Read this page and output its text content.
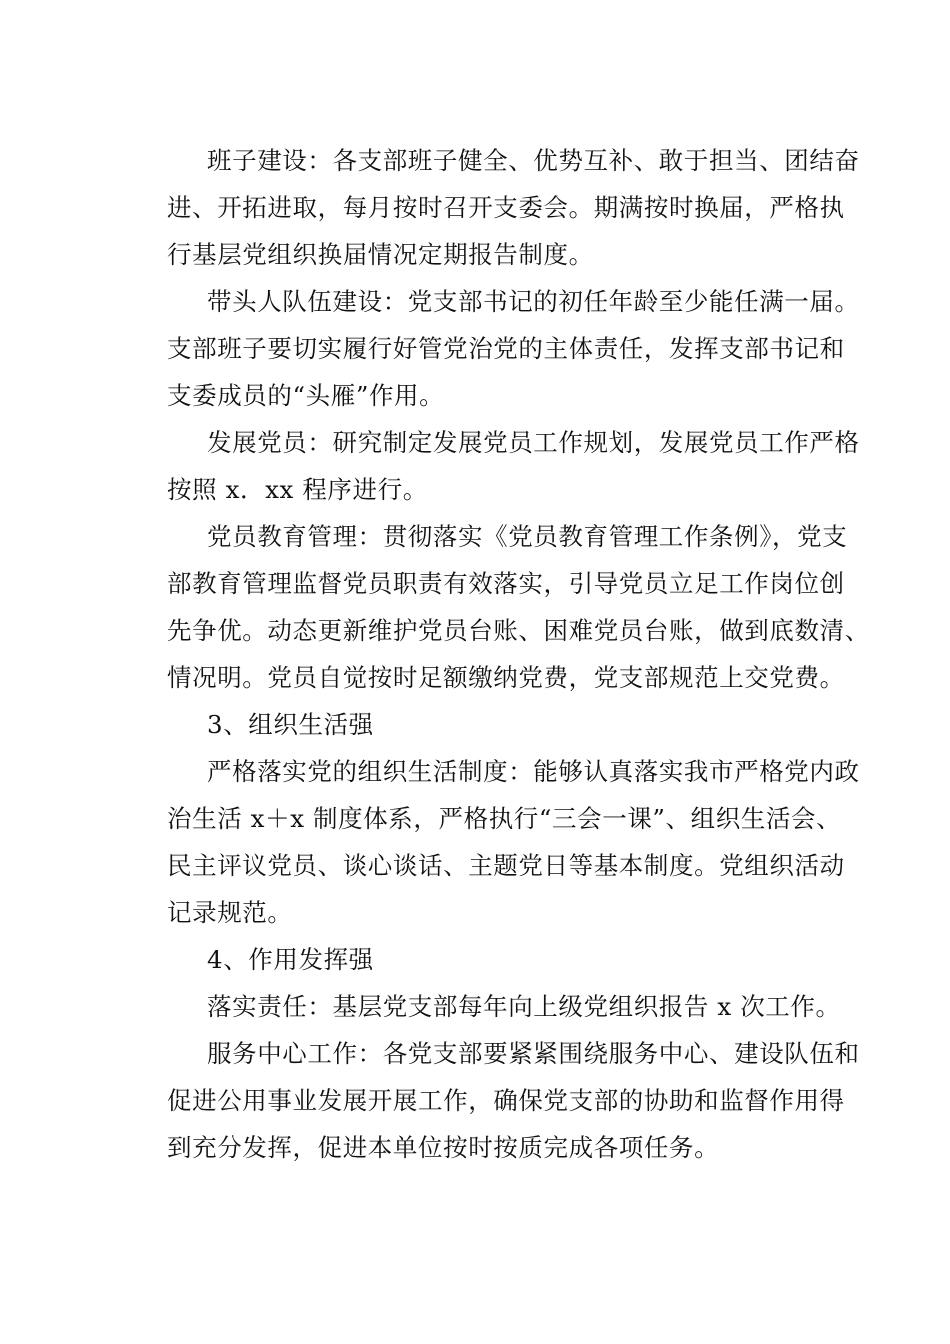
班子建设：各支部班子健全、优势互补、敢于担当、团结奋
进、开拓进取，每月按时召开支委会。期满按时换届，严格执
行基层党组织换届情况定期报告制度。

带头人队伍建设：党支部书记的初任年龄至少能任满一届。
支部班子要切实履行好管党治党的主体责任，发挥支部书记和
支委成员的“头雁”作用。

发展党员：研究制定发展党员工作规划，发展党员工作严格
按照 x．xx 程序进行。

党员教育管理：贯彻落实《党员教育管理工作条例》，党支
部教育管理监督党员职责有效落实，引导党员立足工作岗位创
先争优。动态更新维护党员台账、困难党员台账，做到底数清、
情况明。党员自觉按时足额缴纳党费，党支部规范上交党费。

3、组织生活强

严格落实党的组织生活制度：能够认真落实我市严格党内政
治生活 x＋x 制度体系，严格执行“三会一课”、组织生活会、
民主评议党员、谈心谈话、主题党日等基本制度。党组织活动
记录规范。

4、作用发挥强

落实责任：基层党支部每年向上级党组织报告 x 次工作。

服务中心工作：各党支部要紧紧围绕服务中心、建设队伍和
促进公用事业发展开展工作，确保党支部的协助和监督作用得
到充分发挥，促进本单位按时按质完成各项任务。
